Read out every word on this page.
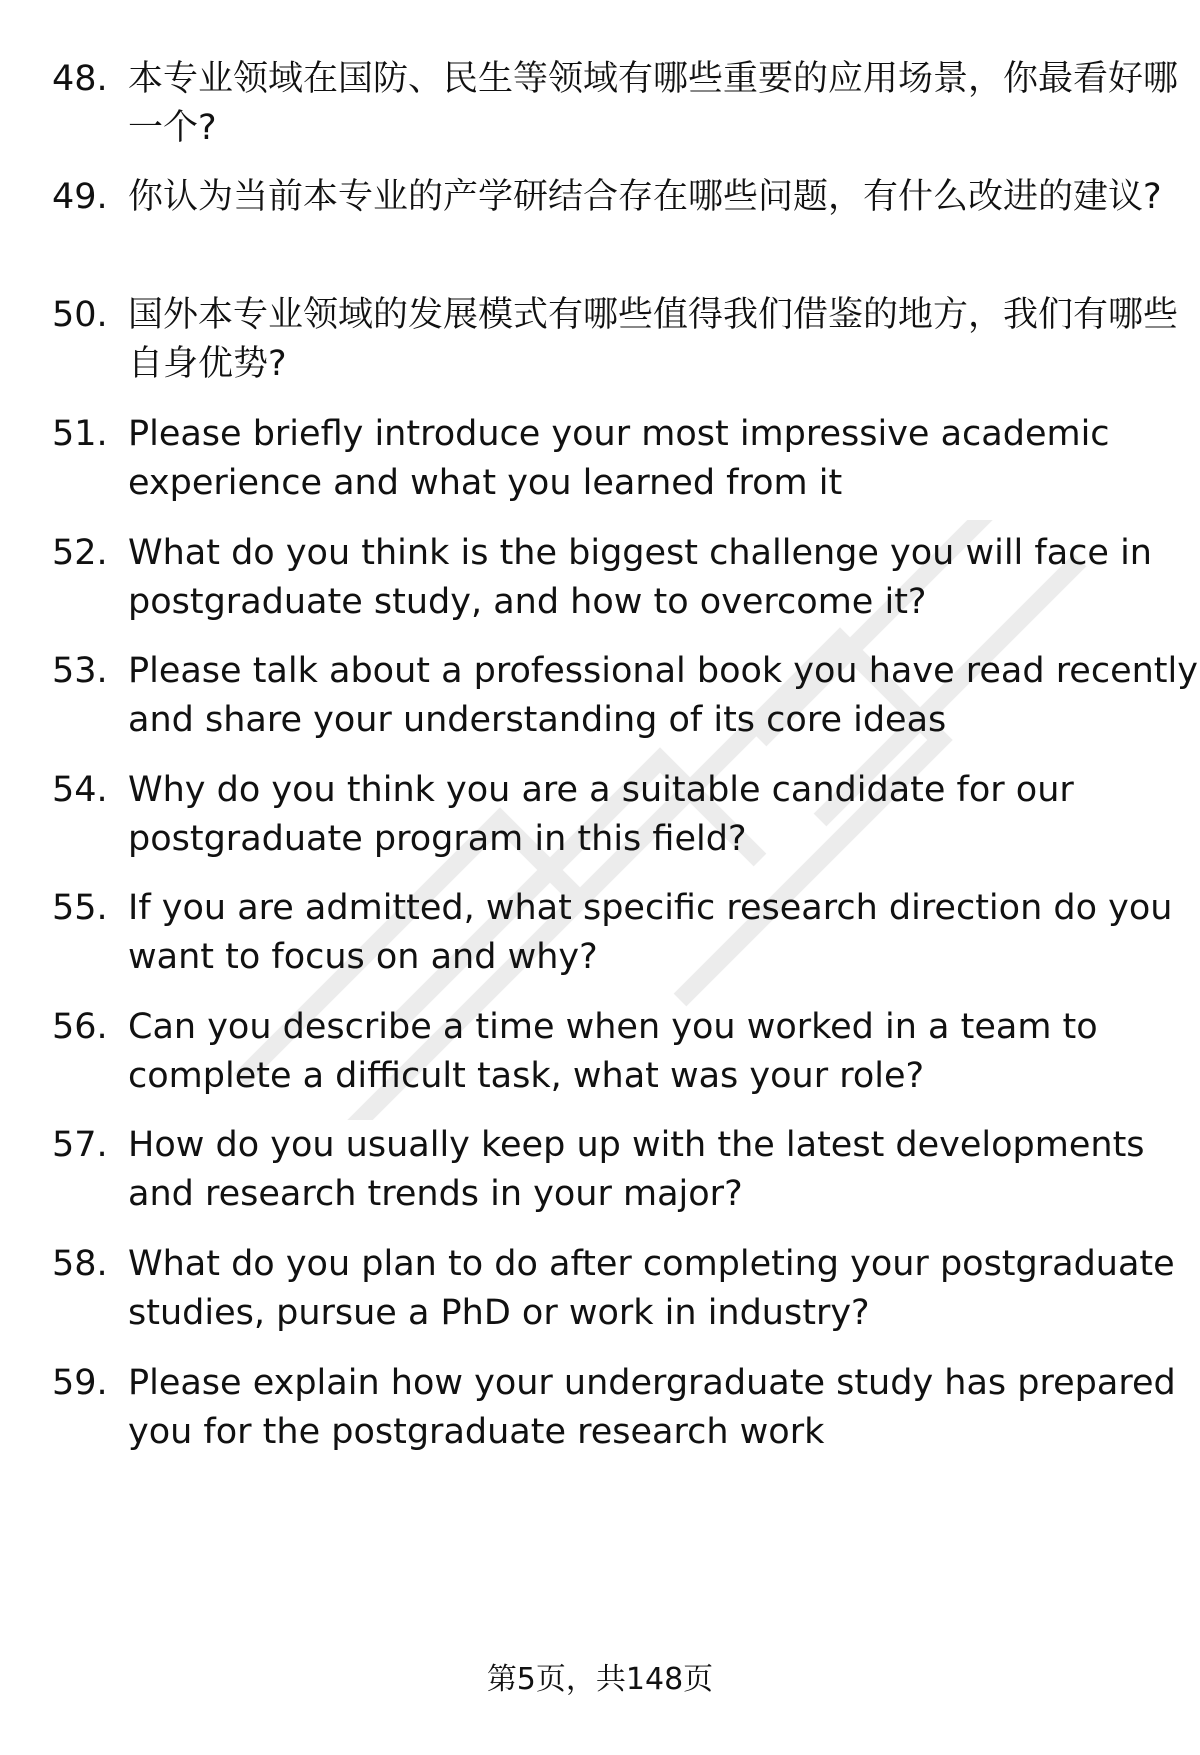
48. 本专业领域在国防、民生等领域有哪些重要的应用场景，你最看好哪一个?
49. 你认为当前本专业的产学研结合存在哪些问题，有什么改进的建议?
50. 国外本专业领域的发展模式有哪些值得我们借鉴的地方，我们有哪些自身优势?
51. Please briefly introduce your most impressive academic experience and what you learned from it
52. What do you think is the biggest challenge you will face in postgraduate study, and how to overcome it?
53. Please talk about a professional book you have read recently and share your understanding of its core ideas
54. Why do you think you are a suitable candidate for our postgraduate program in this field?
55. If you are admitted, what specific research direction do you want to focus on and why?
56. Can you describe a time when you worked in a team to complete a difficult task, what was your role?
57. How do you usually keep up with the latest developments and research trends in your major?
58. What do you plan to do after completing your postgraduate studies, pursue a PhD or work in industry?
59. Please explain how your undergraduate study has prepared you for the postgraduate research work
第5页，共148页
